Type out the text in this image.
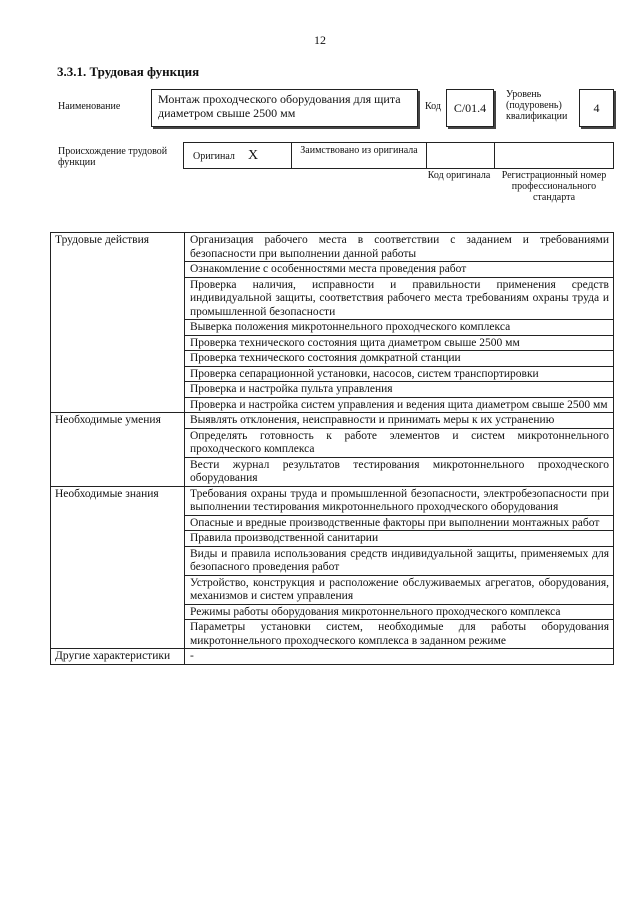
12
3.3.1. Трудовая функция
Наименование
Монтаж проходческого оборудования для щита диаметром свыше 2500 мм	Код	С/01.4
Уровень (подуровень) квалификации
4
Происхождение трудовой функции
Оригинал Х	Заимствовано из оригинала
Код оригинала	Регистрационный номер профессионального стандарта
Трудовые действия	Организация рабочего места в соответствии с заданием и требованиями безопасности при выполнении данной работы
	Ознакомление с особенностями места проведения работ
	Проверка наличия, исправности и правильности применения средств индивидуальной защиты, соответствия рабочего места требованиям охраны труда и промышленной безопасности
	Выверка положения микротоннельного проходческого комплекса
	Проверка технического состояния щита диаметром свыше 2500 мм
	Проверка технического состояния домкратной станции
	Проверка сепарационной установки, насосов, систем транспортировки
	Проверка и настройка пульта управления
	Проверка и настройка систем управления и ведения щита диаметром свыше 2500 мм
Необходимые умения	Выявлять отклонения, неисправности и принимать меры к их устранению
	Определять готовность к работе элементов и систем микротоннельного проходческого комплекса
	Вести журнал результатов тестирования микротоннельного проходческого оборудования
Необходимые знания	Требования охраны труда и промышленной безопасности, электробезопасности при выполнении тестирования микротоннельного проходческого оборудования
	Опасные и вредные производственные факторы при выполнении монтажных работ
	Правила производственной санитарии
	Виды и правила использования средств индивидуальной защиты, применяемых для безопасного проведения работ
	Устройство, конструкция и расположение обслуживаемых агрегатов, оборудования, механизмов и систем управления
	Режимы работы оборудования микротоннельного проходческого комплекса
	Параметры установки систем, необходимые для работы оборудования микротоннельного проходческого комплекса в заданном режиме
Другие характеристики	-
